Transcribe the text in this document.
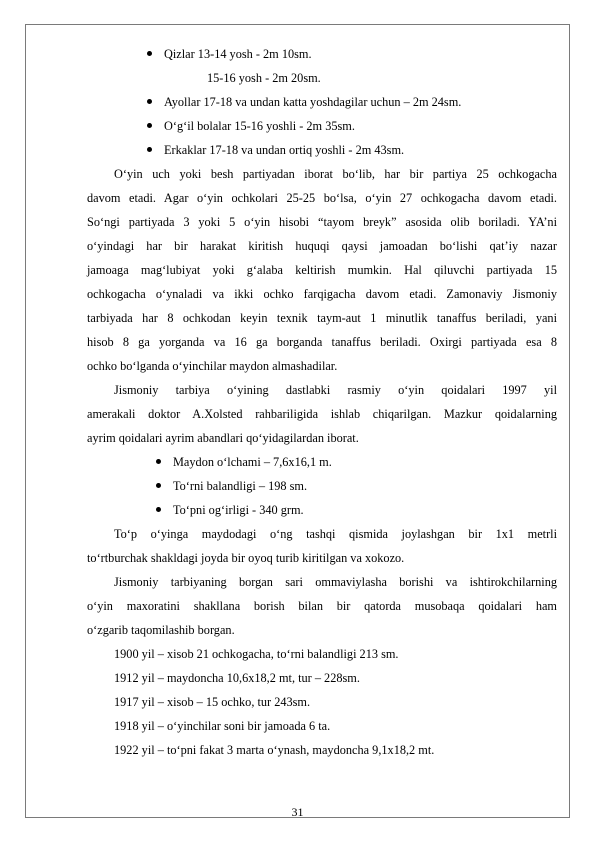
Qizlar 13-14 yosh - 2m 10sm.
15-16 yosh - 2m 20sm.
Ayollar 17-18 va undan katta yoshdagilar uchun – 2m 24sm.
O‘g‘il bolalar 15-16 yoshli - 2m 35sm.
Erkaklar 17-18 va undan ortiq yoshli - 2m 43sm.
O‘yin uch yoki besh partiyadan iborat bo‘lib, har bir partiya 25 ochkogacha
davom etadi. Agar o‘yin ochkolari 25-25 bo‘lsa, o‘yin 27 ochkogacha davom etadi.
So‘ngi partiyada 3 yoki 5 o‘yin hisobi “tayom breyk” asosida olib boriladi. YA’ni
o‘yindagi har bir harakat kiritish huquqi qaysi jamoadan bo‘lishi qat’iy nazar
jamoaga mag‘lubiyat yoki g‘alaba keltirish mumkin. Hal qiluvchi partiyada 15
ochkogacha o‘ynaladi va ikki ochko farqigacha davom etadi. Zamonaviy Jismoniy
tarbiyada har 8 ochkodan keyin texnik taym-aut 1 minutlik tanaffus beriladi, yani
hisob 8 ga yorganda va 16 ga borganda tanaffus beriladi. Oxirgi partiyada esa 8
ochko bo‘lganda o‘yinchilar maydon almashadilar.
Jismoniy tarbiya o‘yining dastlabki rasmiy o‘yin qoidalari 1997 yil
amerakali doktor A.Xolsted rahbariligida ishlab chiqarilgan. Mazkur qoidalarning
ayrim qoidalari ayrim abandlari qo‘yidagilardan iborat.
Maydon o‘lchami – 7,6x16,1 m.
To‘rni balandligi – 198 sm.
To‘pni og‘irligi - 340 grm.
To‘p o‘yinga maydodagi o‘ng tashqi qismida joylashgan bir 1x1 metrli
to‘rtburchak shakldagi joyda bir oyoq turib kiritilgan va xokozo.
Jismoniy tarbiyaning borgan sari ommaviylasha borishi va ishtirokchilarning
o‘yin maxoratini shakllana borish bilan bir qatorda musobaqa qoidalari ham
o‘zgarib taqomilashib borgan.
1900 yil – xisob 21 ochkogacha, to‘rni balandligi 213 sm.
1912 yil – maydoncha 10,6x18,2 mt, tur – 228sm.
1917 yil – xisob – 15 ochko, tur 243sm.
1918 yil – o‘yinchilar soni bir jamoada 6 ta.
1922 yil – to‘pni fakat 3 marta o‘ynash, maydoncha 9,1x18,2 mt.
31
